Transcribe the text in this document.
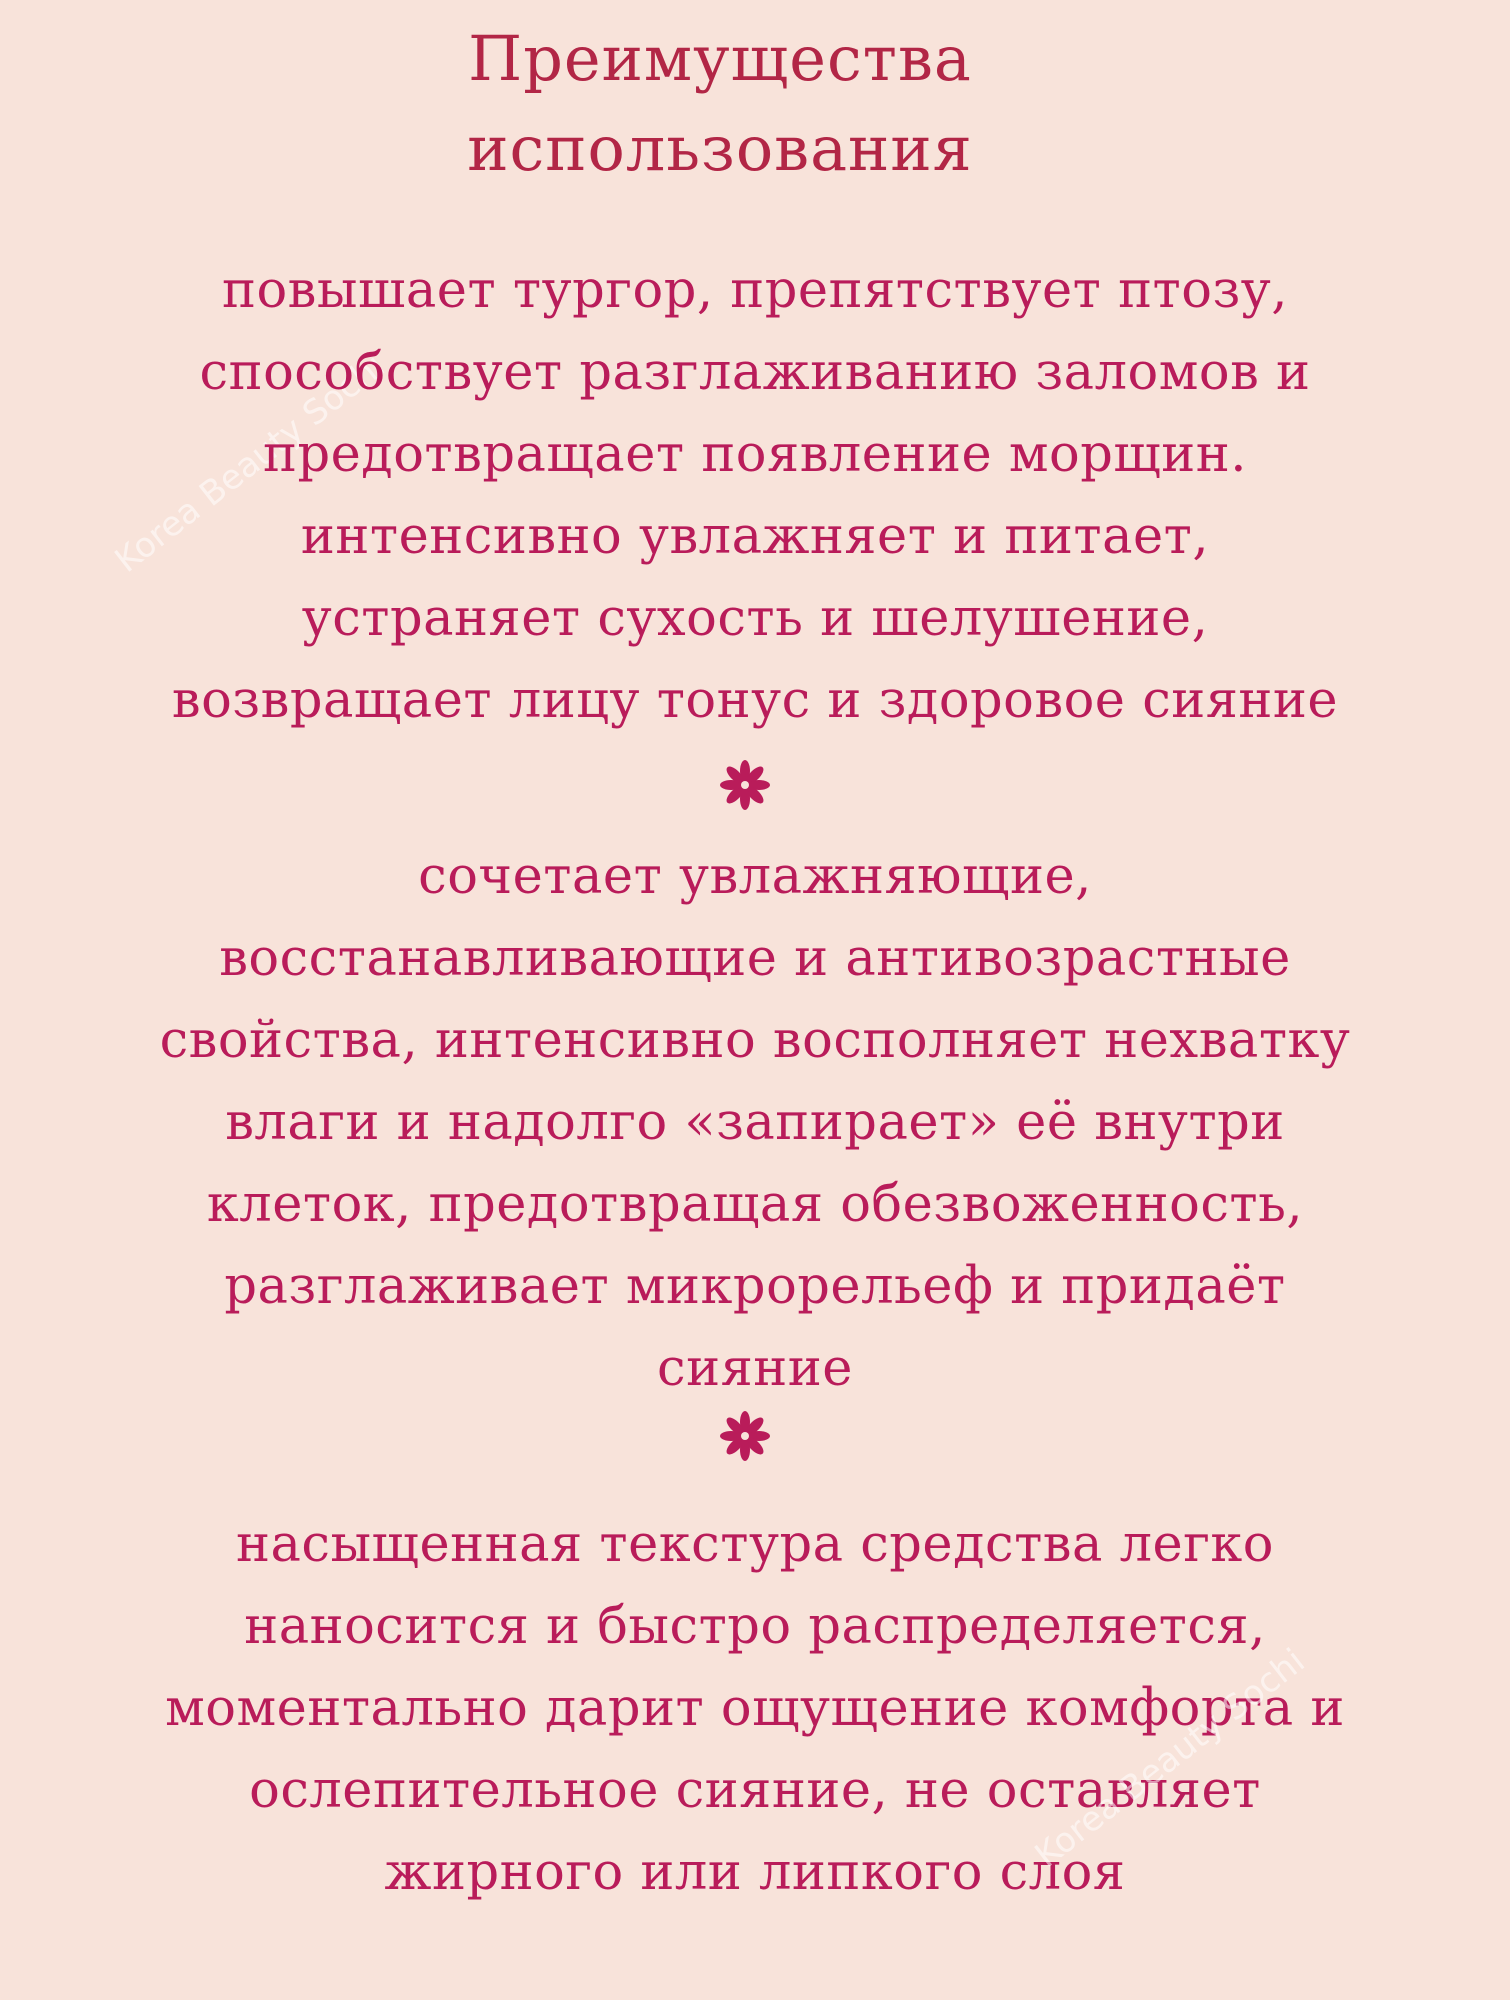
Преимущества
использования
Korea Beauty Sochi
повышает тургор, препятствует птозу,
способствует разглаживанию заломов и
предотвращает появление морщин.
интенсивно увлажняет и питает,
устраняет сухость и шелушение,
возвращает лицу тонус и здоровое сияние
сочетает увлажняющие,
восстанавливающие и антивозрастные
свойства, интенсивно восполняет нехватку
влаги и надолго «запирает» её внутри
клеток, предотвращая обезвоженность,
разглаживает микрорельеф и придаёт
сияние
насыщенная текстура средства легко
наносится и быстро распределяется,
моментально дарит ощущение комфорта и
ослепительное сияние, не оставляет
жирного или липкого слоя
Korea Beauty Sochi
